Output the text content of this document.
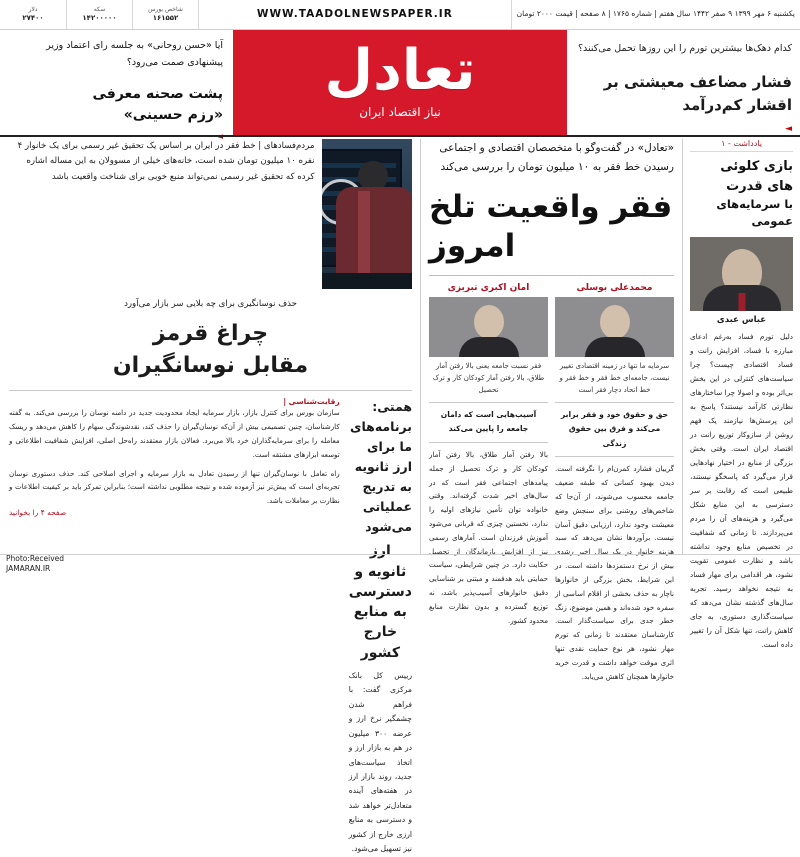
یکشنبه ۶ مهر ۱۳۹۹ ۹ صفر ۱۴۴۲ سال هفتم | شماره ۱۷۶۵ | ۸ صفحه | قیمت ۲۰۰۰ تومان
WWW.TAADOLNEWSPAPER.IR
شاخص بورس
۱۶۱۵۵۲
سکه
۱۴۲۰۰۰۰۰
دلار
۲۷۴۰۰
کدام دهک‌ها بیشترین تورم را این روزها تحمل می‌کنند؟
فشار مضاعف معیشتی بر اقشار کم‌درآمد
◄
تعادل
نیاز اقتصاد ایران
آیا «حسن روحانی» به جلسه رای اعتماد وزیر پیشنهادی صمت می‌رود؟
پشت صحنه معرفی
«رزم حسینی»
◄
یادداشت - ۱
بازی کلوئی های قدرت
با سرمایه‌های عمومی
عباس عبدی
دلیل تورم فساد به‌رغم ادعای مبارزه با فساد، افزایش رانت و فساد اقتصادی چیست؟ چرا سیاست‌های کنترلی در این بخش بی‌اثر بوده و اصولا چرا ساختارهای نظارتی کارآمد نیستند؟ پاسخ به این پرسش‌ها نیازمند یک فهم روشن از سازوکار توزیع رانت در اقتصاد ایران است. وقتی بخش بزرگی از منابع در اختیار نهادهایی قرار می‌گیرد که پاسخگو نیستند، طبیعی است که رقابت بر سر دسترسی به این منابع شکل می‌گیرد و هزینه‌های آن را مردم می‌پردازند. تا زمانی که شفافیت در تخصیص منابع وجود نداشته باشد و نظارت عمومی تقویت نشود، هر اقدامی برای مهار فساد به نتیجه نخواهد رسید. تجربه سال‌های گذشته نشان می‌دهد که سیاست‌گذاری دستوری، به جای کاهش رانت، تنها شکل آن را تغییر داده است.
«تعادل» در گفت‌وگو با متخصصان اقتصادی و اجتماعی رسیدن خط فقر به ۱۰ میلیون تومان را بررسی می‌کند
فقر واقعیت تلخ امروز
محمدعلی بوسلی
سرمایه ما تنها در زمینه اقتصادی تغییر نیست، جامعه‌ای خط فقر و خط فقر و خط اتحاد دچار فقر است
حق و حقوق خود و فقر برابر می‌کند و فرق بین حقوق زندگی
گرییان فشارد کمرن‌ام را نگرفته است. دیدن بهبود کسانی که طبقه ضعیف جامعه محسوب می‌شوند، از آن‌جا که شاخص‌های روشنی برای سنجش وضع معیشت وجود ندارد، ارزیابی دقیق آسان نیست. برآوردها نشان می‌دهد که سبد هزینه خانوار در یک سال اخیر رشدی بیش از نرخ دستمزدها داشته است. در این شرایط، بخش بزرگی از خانوارها ناچار به حذف بخشی از اقلام اساسی از سفره خود شده‌اند و همین موضوع، زنگ خطر جدی برای سیاست‌گذار است. کارشناسان معتقدند تا زمانی که تورم مهار نشود، هر نوع حمایت نقدی تنها اثری موقت خواهد داشت و قدرت خرید خانوارها همچنان کاهش می‌یابد.
امان اکبری تبریزی
فقر نسبت جامعه یعنی بالا رفتن آمار طلاق، بالا رفتن آمار کودکان کار و ترک تحصیل
آسیب‌هایی است که دامان جامعه را پایین می‌کند
بالا رفتن آمار طلاق، بالا رفتن آمار کودکان کار و ترک تحصیل از جمله پیامدهای اجتماعی فقر است که در سال‌های اخیر شدت گرفته‌اند. وقتی خانواده توان تأمین نیازهای اولیه را ندارد، نخستین چیزی که قربانی می‌شود آموزش فرزندان است. آمارهای رسمی نیز از افزایش بازماندگان از تحصیل حکایت دارد. در چنین شرایطی، سیاست حمایتی باید هدفمند و مبتنی بر شناسایی دقیق خانوارهای آسیب‌پذیر باشد، نه توزیع گسترده و بدون نظارت منابع محدود کشور.
مردم‌فسادهای | خط فقر در ایران بر اساس یک تحقیق غیر رسمی برای یک خانوار ۴ نفره ۱۰ میلیون تومان شده است، خانه‌های خیلی از مسوولان به این مساله اشاره کرده که تحقیق غیر رسمی نمی‌تواند منبع خوبی برای شناخت واقعیت باشد
حذف نوسانگیری برای چه بلایی سر بازار می‌آورد
چراغ قرمز
مقابل نوسانگیران
همتی: برنامه‌های ما برای ارز ثانویه به تدریج عملیاتی می‌شود
ارز ثانویه و دسترسی به منابع
خارج کشور
رییس کل بانک مرکزی گفت: با فراهم شدن چشمگیر نرخ ارز و عرضه ۳۰۰ میلیون در هم به بازار ارز و اتخاذ سیاست‌های جدید، روند بازار ارز در هفته‌های آینده متعادل‌تر خواهد شد و دسترسی به منابع ارزی خارج از کشور نیز تسهیل می‌شود.
رقابت‌شناسی |
سازمان بورس برای کنترل بازار، بازار سرمایه ایجاد محدودیت جدید در دامنه نوسان را بررسی می‌کند. به گفته کارشناسان، چنین تصمیمی بیش از آن‌که نوسان‌گیران را حذف کند، نقدشوندگی سهام را کاهش می‌دهد و ریسک معامله را برای سرمایه‌گذاران خرد بالا می‌برد. فعالان بازار معتقدند راه‌حل اصلی، افزایش شفافیت اطلاعاتی و توسعه ابزارهای مشتقه است.
راه تعامل با نوسان‌گیران تنها از رسیدن تعادل به بازار سرمایه و اجرای اصلاحی کند. حذف دستوری نوسان تجربه‌ای است که پیش‌تر نیز آزموده شده و نتیجه مطلوبی نداشته است؛ بنابراین تمرکز باید بر کیفیت اطلاعات و نظارت بر معاملات باشد.
صفحه ۴ را بخوانید
Photo:Received
JAMARAN.IR
